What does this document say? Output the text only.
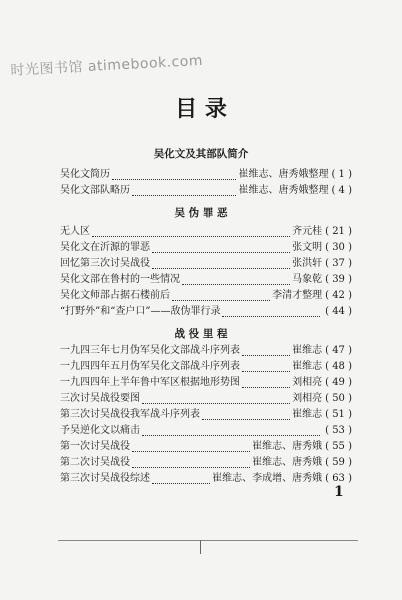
时光图书馆 atimebook.com
目 录
吴化文及其部队简介
吴化文简历	崔维志、唐秀娥整理 ( 1 )
吴化文部队略历	崔维志、唐秀娥整理 ( 4 )
吴 伪 罪 恶
无人区	齐元桂 ( 21 )
吴化文在沂源的罪恶	张文明 ( 30 )
回忆第三次讨吴战役	张洪轩 ( 37 )
吴化文部在鲁村的一些情况	马象乾 ( 39 )
吴化文师部占据石楼前后	李清才整理 ( 42 )
“打野外”和“查户口”——敌伪罪行录	( 44 )
战 役 里 程
一九四三年七月伪军吴化文部战斗序列表	崔维志 ( 47 )
一九四四年五月伪军吴化文部战斗序列表	崔维志 ( 48 )
一九四四年上半年鲁中军区根据地形势图	刘相亮 ( 49 )
三次讨吴战役要图	刘相亮 ( 50 )
第三次讨吴战役我军战斗序列表	崔维志 ( 51 )
予吴逆化文以痛击	( 53 )
第一次讨吴战役	崔维志、唐秀娥 ( 55 )
第二次讨吴战役	崔维志、唐秀娥 ( 59 )
第三次讨吴战役综述	崔维志、李成增、唐秀娥 ( 63 )
1
